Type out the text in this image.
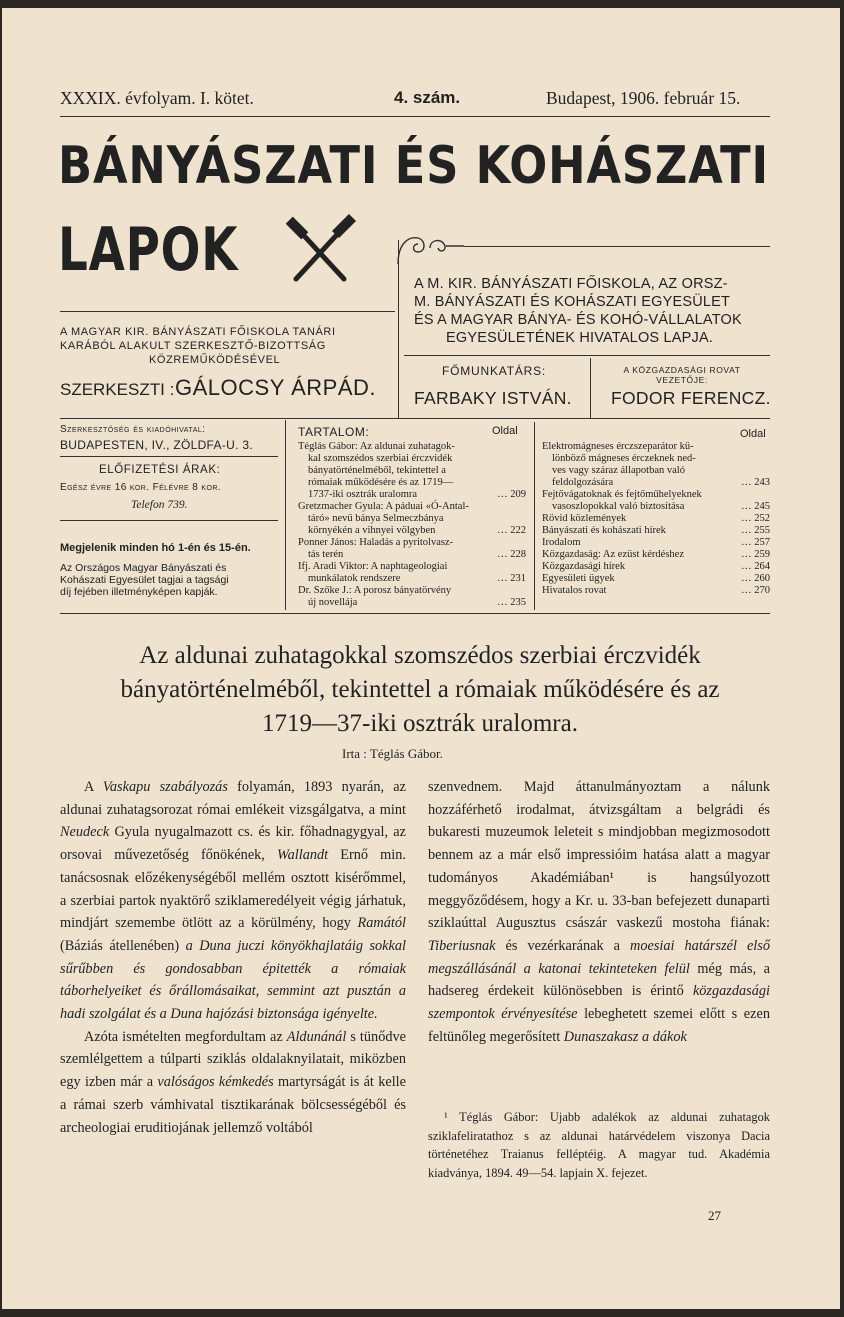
XXXIX. évfolyam. I. kötet.	4. szám.	Budapest, 1906. február 15.
BÁNYÁSZATI ÉS KOHÁSZATI
LAPOK
A MAGYAR KIR. BÁNYÁSZATI FŐISKOLA TANÁRI
KARÁBÓL ALAKULT SZERKESZTŐ-BIZOTTSÁG
KÖZREMŰKÖDÉSÉVEL
SZERKESZTI : GÁLOCSY ÁRPÁD.
A M. KIR. BÁNYÁSZATI FŐISKOLA, AZ ORSZ-
M. BÁNYÁSZATI ÉS KOHÁSZATI EGYESÜLET
ÉS A MAGYAR BÁNYA- ÉS KOHÓ-VÁLLALATOK
EGYESÜLETÉNEK HIVATALOS LAPJA.
FŐMUNKATÁRS:
FARBAKY ISTVÁN.
A KÖZGAZDASÁGI ROVAT
VEZETŐJE:
FODOR FERENCZ.
Szerkesztőség és kiadóhivatal:
BUDAPESTEN, IV., ZÖLDFA-U. 3.
ELŐFIZETÉSI ÁRAK:
Egész évre 16 kor. Félévre 8 kor.
Telefon 739.
Megjelenik minden hó 1-én és 15-én.
Az Országos Magyar Bányászati és
Kohászati Egyesület tagjai a tagsági
díj fejében illetményképen kapják.
TARTALOM:	Oldal	Oldal
Téglás Gábor: Az aldunai zuhatagok-
kal szomszédos szerbiai érczvidék
bányatörténelméből, tekintettel a
rómaiak működésére és az 1719—
1737-iki osztrák uralomra	… 209
Gretzmacher Gyula: A páduai «Ó-Antal-
táró» nevű bánya Selmeczbánya
környékén a vihnyei völgyben	… 222
Ponner János: Haladás a pyritolvasz-
tás terén	… 228
Ifj. Aradi Viktor: A naphtageologiai
munkálatok rendszere	… 231
Dr. Szőke J.: A porosz bányatörvény
új novellája	… 235
Elektromágneses érczszeparátor kü-
lönböző mágneses érczeknek ned-
ves vagy száraz állapotban való
feldolgozására	… 243
Fejtővágatoknak és fejtőműhelyeknek
vasoszlopokkal való biztosítása	… 245
Rövid közlemények	… 252
Bányászati és kohászati hírek	… 255
Irodalom	… 257
Közgazdaság: Az ezüst kérdéshez	… 259
Közgazdasági hírek	… 264
Egyesületi ügyek	… 260
Hivatalos rovat	… 270
Az aldunai zuhatagokkal szomszédos szerbiai érczvidék
bányatörténelméből, tekintettel a rómaiak működésére és az
1719—37-iki osztrák uralomra.
Irta : Téglás Gábor.

A Vaskapu szabályozás folyamán, 1893 nyarán, az aldunai zuhatagsorozat római emlékeit vizsgálgatva, a mint Neudeck Gyula nyugalmazott cs. és kir. főhadnagygyal, az orsovai művezetőség főnökének, Wallandt Ernő min. tanácsosnak előzékenységéből mellém osztott kisérőmmel, a szerbiai partok nyaktörő sziklameredélyeit végig járhatuk, mindjárt szemembe ötlött az a körülmény, hogy Ramától (Báziás átellenében) a Duna juczi könyökhajlatáig sokkal sűrűbben és gondosabban épitették a rómaiak táborhelyeiket és őrállomásaikat, semmint azt pusztán a hadi szolgálat és a Duna hajózási biztonsága igényelte.

Azóta ismételten megfordultam az Aldunánál s tünődve szemlélgettem a túlparti sziklás oldalaknyilatait, miközben egy izben már a valóságos kémkedés martyrságát is át kelle a rámai szerb vámhivatal tisztikarának bölcsességéből és archeologiai eruditiojának jellemző voltából

szenvednem. Majd áttanulmányoztam a nálunk hozzáférhető irodalmat, átvizsgáltam a belgrádi és bukaresti muzeumok leleteit s mindjobban megizmosodott bennem az a már első impressióim hatása alatt a magyar tudományos Akadémiában¹ is hangsúlyozott meggyőződésem, hogy a Kr. u. 33-ban befejezett dunaparti sziklaúttal Augusztus császár vaskezű mostoha fiának: Tiberiusnak és vezérkarának a moesiai határszél első megszállásánál a katonai tekinteteken felül még más, a hadsereg érdekeit különösebben is érintő közgazdasági szempontok érvényesítése lebeghetett szemei előtt s ezen feltünőleg megerősített Dunaszakasz a dákok

¹ Téglás Gábor: Ujabb adalékok az aldunai zuhatagok sziklafeliratathoz s az aldunai határvédelem viszonya Dacia történetéhez Traianus felléptéig. A magyar tud. Akadémia kiadványa, 1894. 49—54. lapjain X. fejezet.

27
